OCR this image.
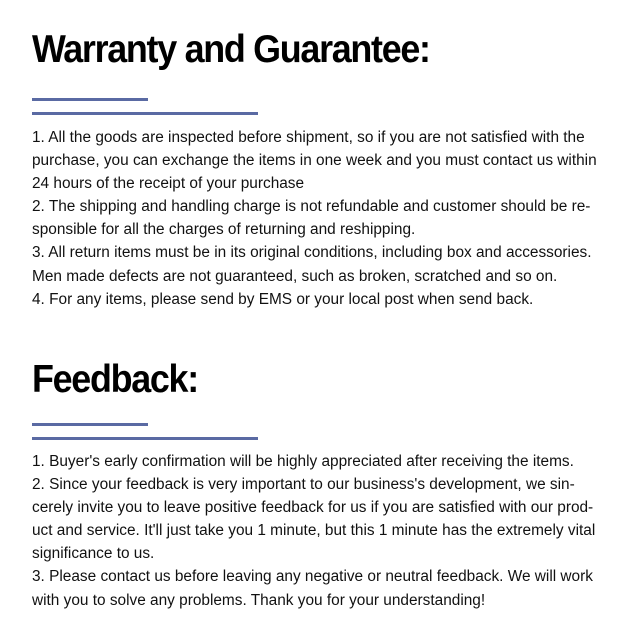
Warranty and Guarantee:
1. All the goods are inspected before shipment, so if you are not satisfied with the
purchase, you can exchange the items in one week and you must contact us within
24 hours of the receipt of your purchase
2. The shipping and handling charge is not refundable and customer should be re-
sponsible for all the charges of returning and reshipping.
3. All return items must be in its original conditions, including box and accessories.
Men made defects are not guaranteed, such as broken, scratched and so on.
4. For any items, please send by EMS or your local post when send back.
Feedback:
1. Buyer's early confirmation will be highly appreciated after receiving the items.
2. Since your feedback is very important to our business's development, we sin-
cerely invite you to leave positive feedback for us if you are satisfied with our prod-
uct and service. It'll just take you 1 minute, but this 1 minute has the extremely vital
significance to us.
3. Please contact us before leaving any negative or neutral feedback. We will work
with you to solve any problems. Thank you for your understanding!
